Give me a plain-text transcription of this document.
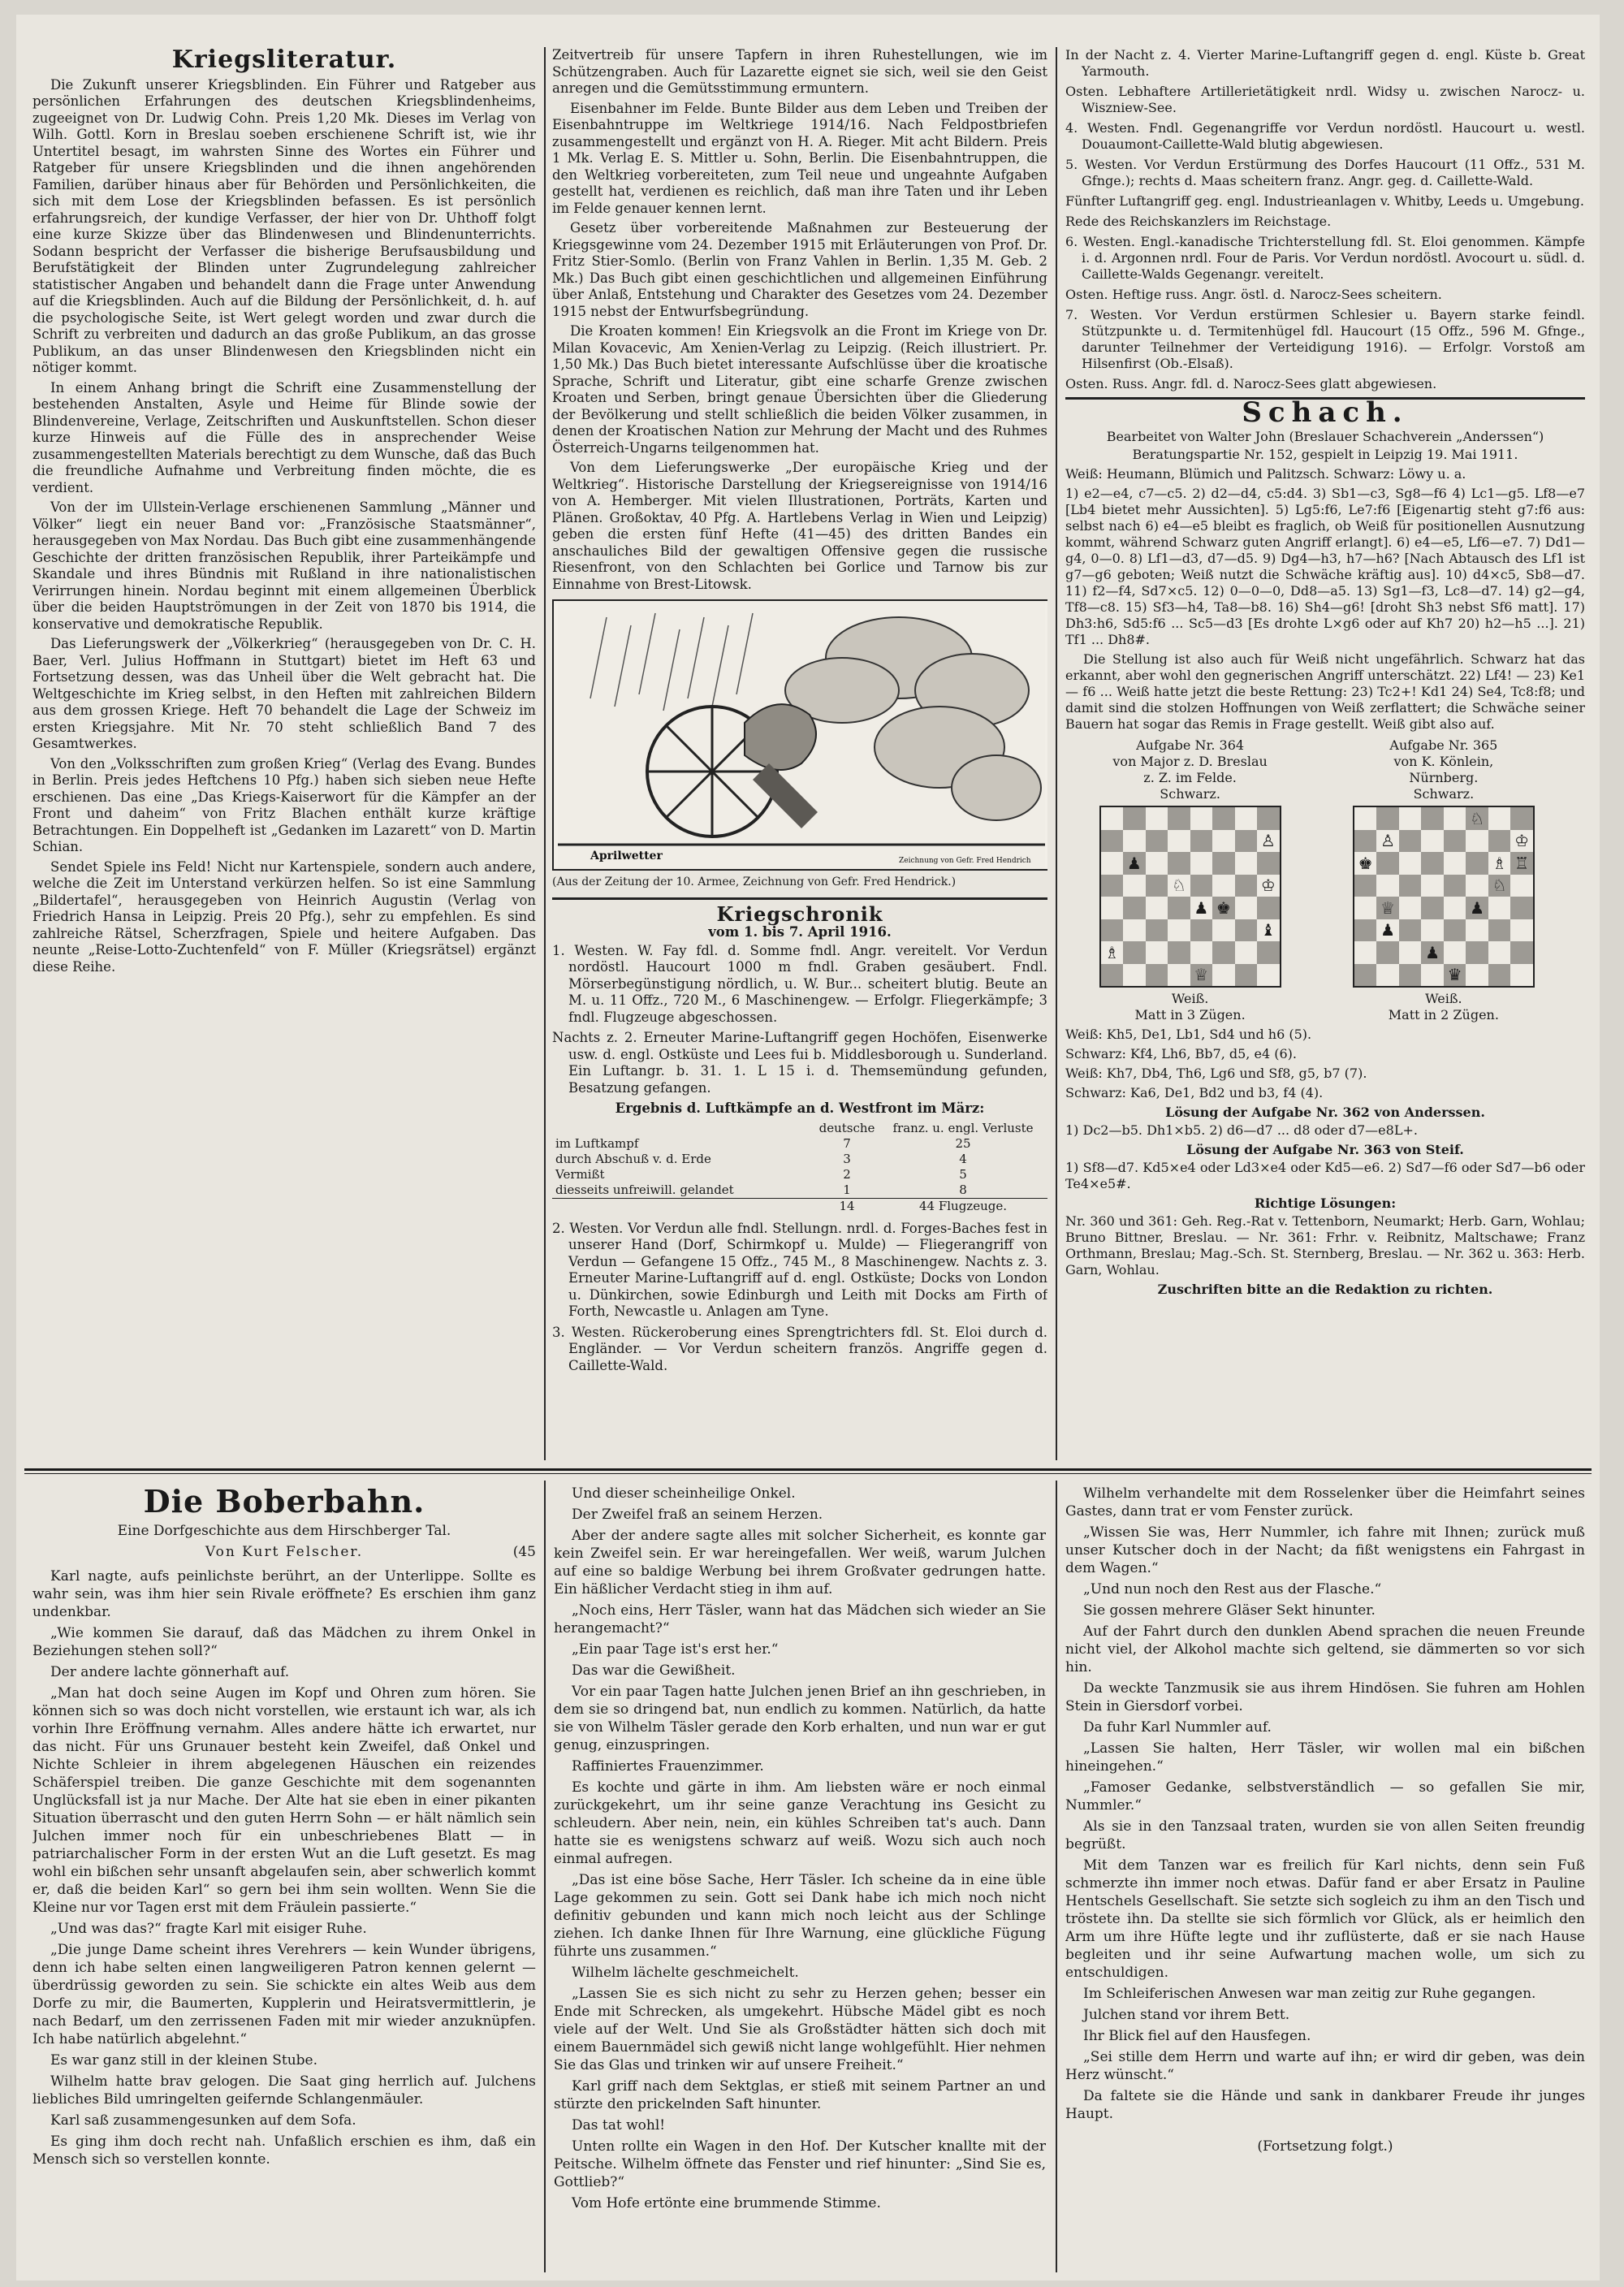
Kriegsliteratur.

Die Zukunft unserer Kriegsblinden. Ein Führer und Ratgeber aus persönlichen Erfahrungen des deutschen Kriegsblindenheims, zugeeignet von Dr. Ludwig Cohn. Preis 1,20 Mk. Dieses im Verlag von Wilh. Gottl. Korn in Breslau soeben erschienene Schrift ist, wie ihr Untertitel besagt, im wahrsten Sinne des Wortes ein Führer und Ratgeber für unsere Kriegsblinden und die ihnen angehörenden Familien, darüber hinaus aber für Behörden und Persönlichkeiten, die sich mit dem Lose der Kriegsblinden befassen. Es ist persönlich erfahrungsreich, der kundige Verfasser, der hier von Dr. Uhthoff folgt eine kurze Skizze über das Blindenwesen und Blindenunterrichts. Sodann bespricht der Verfasser die bisherige Berufsausbildung und Berufstätigkeit der Blinden unter Zugrundelegung zahlreicher statistischer Angaben und behandelt dann die Frage unter Anwendung auf die Kriegsblinden. Auch auf die Bildung der Persönlichkeit, d. h. auf die psychologische Seite, ist Wert gelegt worden und zwar durch die Schrift zu verbreiten und dadurch an das große Publikum, an das grosse Publikum, an das unser Blindenwesen den Kriegsblinden nicht ein nötiger kommt.

In einem Anhang bringt die Schrift eine Zusammenstellung der bestehenden Anstalten, Asyle und Heime für Blinde sowie der Blindenvereine, Verlage, Zeitschriften und Auskunftstellen. Schon dieser kurze Hinweis auf die Fülle des in ansprechender Weise zusammengestellten Materials berechtigt zu dem Wunsche, daß das Buch die freundliche Aufnahme und Verbreitung finden möchte, die es verdient.

Von der im Ullstein-Verlage erschienenen Sammlung „Männer und Völker“ liegt ein neuer Band vor: „Französische Staatsmänner“, herausgegeben von Max Nordau. Das Buch gibt eine zusammenhängende Geschichte der dritten französischen Republik, ihrer Parteikämpfe und Skandale und ihres Bündnis mit Rußland in ihre nationalistischen Verirrungen hinein. Nordau beginnt mit einem allgemeinen Überblick über die beiden Hauptströmungen in der Zeit von 1870 bis 1914, die konservative und demokratische Republik.

Das Lieferungswerk der „Völkerkrieg“ (herausgegeben von Dr. C. H. Baer, Verl. Julius Hoffmann in Stuttgart) bietet im Heft 63 und Fortsetzung dessen, was das Unheil über die Welt gebracht hat. Die Weltgeschichte im Krieg selbst, in den Heften mit zahlreichen Bildern aus dem grossen Kriege. Heft 70 behandelt die Lage der Schweiz im ersten Kriegsjahre. Mit Nr. 70 steht schließlich Band 7 des Gesamtwerkes.

Von den „Volksschriften zum großen Krieg“ (Verlag des Evang. Bundes in Berlin. Preis jedes Heftchens 10 Pfg.) haben sich sieben neue Hefte erschienen. Das eine „Das Kriegs-Kaiserwort für die Kämpfer an der Front und daheim“ von Fritz Blachen enthält kurze kräftige Betrachtungen. Ein Doppelheft ist „Gedanken im Lazarett“ von D. Martin Schian.

Sendet Spiele ins Feld! Nicht nur Kartenspiele, sondern auch andere, welche die Zeit im Unterstand verkürzen helfen. So ist eine Sammlung „Bildertafel“, herausgegeben von Heinrich Augustin (Verlag von Friedrich Hansa in Leipzig. Preis 20 Pfg.), sehr zu empfehlen. Es sind zahlreiche Rätsel, Scherzfragen, Spiele und heitere Aufgaben. Das neunte „Reise-Lotto-Zuchtenfeld“ von F. Müller (Kriegsrätsel) ergänzt diese Reihe.

Zeitvertreib für unsere Tapfern in ihren Ruhestellungen, wie im Schützengraben. Auch für Lazarette eignet sie sich, weil sie den Geist anregen und die Gemütsstimmung ermuntern.

Eisenbahner im Felde. Bunte Bilder aus dem Leben und Treiben der Eisenbahntruppe im Weltkriege 1914/16. Nach Feldpostbriefen zusammengestellt und ergänzt von H. A. Rieger. Mit acht Bildern. Preis 1 Mk. Verlag E. S. Mittler u. Sohn, Berlin. Die Eisenbahntruppen, die den Weltkrieg vorbereiteten, zum Teil neue und ungeahnte Aufgaben gestellt hat, verdienen es reichlich, daß man ihre Taten und ihr Leben im Felde genauer kennen lernt.

Gesetz über vorbereitende Maßnahmen zur Besteuerung der Kriegsgewinne vom 24. Dezember 1915 mit Erläuterungen von Prof. Dr. Fritz Stier-Somlo. (Berlin von Franz Vahlen in Berlin. 1,35 M. Geb. 2 Mk.) Das Buch gibt einen geschichtlichen und allgemeinen Einführung über Anlaß, Entstehung und Charakter des Gesetzes vom 24. Dezember 1915 nebst der Entwurfsbegründung.

Die Kroaten kommen! Ein Kriegsvolk an die Front im Kriege von Dr. Milan Kovacevic, Am Xenien-Verlag zu Leipzig. (Reich illustriert. Pr. 1,50 Mk.) Das Buch bietet interessante Aufschlüsse über die kroatische Sprache, Schrift und Literatur, gibt eine scharfe Grenze zwischen Kroaten und Serben, bringt genaue Übersichten über die Gliederung der Bevölkerung und stellt schließlich die beiden Völker zusammen, in denen der Kroatischen Nation zur Mehrung der Macht und des Ruhmes Österreich-Ungarns teilgenommen hat.

Von dem Lieferungswerke „Der europäische Krieg und der Weltkrieg“. Historische Darstellung der Kriegsereignisse von 1914/16 von A. Hemberger. Mit vielen Illustrationen, Porträts, Karten und Plänen. Großoktav, 40 Pfg. A. Hartlebens Verlag in Wien und Leipzig) geben die ersten fünf Hefte (41—45) des dritten Bandes ein anschauliches Bild der gewaltigen Offensive gegen die russische Riesenfront, von den Schlachten bei Gorlice und Tarnow bis zur Einnahme von Brest-Litowsk.

Aprilwetter	Zeichnung von Gefr. Fred Hendrich

(Aus der Zeitung der 10. Armee, Zeichnung von Gefr. Fred Hendrick.)

Kriegschronik
vom 1. bis 7. April 1916.
1. Westen. W. Fay fdl. d. Somme fndl. Angr. vereitelt. Vor Verdun nordöstl. Haucourt 1000 m fndl. Graben gesäubert. Fndl. Mörserbegünstigung nördlich, u. W. Bur... scheitert blutig. Beute an M. u. 11 Offz., 720 M., 6 Maschinengew. — Erfolgr. Fliegerkämpfe; 3 fndl. Flugzeuge abgeschossen.
Nachts z. 2. Erneuter Marine-Luftangriff gegen Hochöfen, Eisenwerke usw. d. engl. Ostküste und Lees fui b. Middlesborough u. Sunderland. Ein Luftangr. b. 31. 1. L 15 i. d. Themsemündung gefunden, Besatzung gefangen.
Ergebnis d. Luftkämpfe an d. Westfront im März:
	deutsche	franz. u. engl. Verluste
im Luftkampf	7	25
durch Abschuß v. d. Erde	3	4
Vermißt	2	5
diesseits unfreiwill. gelandet	1	8
	14	44 Flugzeuge.
2. Westen. Vor Verdun alle fndl. Stellungn. nrdl. d. Forges-Baches fest in unserer Hand (Dorf, Schirmkopf u. Mulde) — Fliegerangriff von Verdun — Gefangene 15 Offz., 745 M., 8 Maschinengew. Nachts z. 3. Erneuter Marine-Luftangriff auf d. engl. Ostküste; Docks von London u. Dünkirchen, sowie Edinburgh und Leith mit Docks am Firth of Forth, Newcastle u. Anlagen am Tyne.
3. Westen. Rückeroberung eines Sprengtrichters fdl. St. Eloi durch d. Engländer. — Vor Verdun scheitern französ. Angriffe gegen d. Caillette-Wald.
In der Nacht z. 4. Vierter Marine-Luftangriff gegen d. engl. Küste b. Great Yarmouth.
Osten. Lebhaftere Artillerietätigkeit nrdl. Widsy u. zwischen Narocz- u. Wiszniew-See.
4. Westen. Fndl. Gegenangriffe vor Verdun nordöstl. Haucourt u. westl. Douaumont-Caillette-Wald blutig abgewiesen.
5. Westen. Vor Verdun Erstürmung des Dorfes Haucourt (11 Offz., 531 M. Gfnge.); rechts d. Maas scheitern franz. Angr. geg. d. Caillette-Wald.
Fünfter Luftangriff geg. engl. Industrieanlagen v. Whitby, Leeds u. Umgebung.
Rede des Reichskanzlers im Reichstage.
6. Westen. Engl.-kanadische Trichterstellung fdl. St. Eloi genommen. Kämpfe i. d. Argonnen nrdl. Four de Paris. Vor Verdun nordöstl. Avocourt u. südl. d. Caillette-Walds Gegenangr. vereitelt.
Osten. Heftige russ. Angr. östl. d. Narocz-Sees scheitern.
7. Westen. Vor Verdun erstürmen Schlesier u. Bayern starke feindl. Stützpunkte u. d. Termitenhügel fdl. Haucourt (15 Offz., 596 M. Gfnge., darunter Teilnehmer der Verteidigung 1916). — Erfolgr. Vorstoß am Hilsenfirst (Ob.-Elsaß).
Osten. Russ. Angr. fdl. d. Narocz-Sees glatt abgewiesen.
Schach.
Bearbeitet von Walter John (Breslauer Schachverein „Anderssen“)

Beratungspartie Nr. 152, gespielt in Leipzig 19. Mai 1911.

Weiß: Heumann, Blümich und Palitzsch. Schwarz: Löwy u. a.

1) e2—e4, c7—c5. 2) d2—d4, c5:d4. 3) Sb1—c3, Sg8—f6 4) Lc1—g5. Lf8—e7 [Lb4 bietet mehr Aussichten]. 5) Lg5:f6, Le7:f6 [Eigenartig steht g7:f6 aus: selbst nach 6) e4—e5 bleibt es fraglich, ob Weiß für positionellen Ausnutzung kommt, während Schwarz guten Angriff erlangt]. 6) e4—e5, Lf6—e7. 7) Dd1—g4, 0—0. 8) Lf1—d3, d7—d5. 9) Dg4—h3, h7—h6? [Nach Abtausch des Lf1 ist g7—g6 geboten; Weiß nutzt die Schwäche kräftig aus]. 10) d4×c5, Sb8—d7. 11) f2—f4, Sd7×c5. 12) 0—0—0, Dd8—a5. 13) Sg1—f3, Lc8—d7. 14) g2—g4, Tf8—c8. 15) Sf3—h4, Ta8—b8. 16) Sh4—g6! [droht Sh3 nebst Sf6 matt]. 17) Dh3:h6, Sd5:f6 ... Sc5—d3 [Es drohte L×g6 oder auf Kh7 20) h2—h5 ...]. 21) Tf1 ... Dh8#.

Die Stellung ist also auch für Weiß nicht ungefährlich. Schwarz hat das erkannt, aber wohl den gegnerischen Angriff unterschätzt. 22) Lf4! — 23) Ke1 — f6 ... Weiß hatte jetzt die beste Rettung: 23) Tc2+! Kd1 24) Se4, Tc8:f8; und damit sind die stolzen Hoffnungen von Weiß zerflattert; die Schwäche seiner Bauern hat sogar das Remis in Frage gestellt. Weiß gibt also auf.

Aufgabe Nr. 364
von Major z. D. Breslau
z. Z. im Felde.
Schwarz.
♙
♟
♘	♔
♟ ♚
♝
♗
♕
Weiß.
Matt in 3 Zügen.

Aufgabe Nr. 365
von K. Könlein,
Nürnberg.
Schwarz.
♘
♙	♔
♚	♗ ♖
♘
♕	♟
♟
♟
♛
Weiß.
Matt in 2 Zügen.

Weiß: Kh5, De1, Lb1, Sd4 und h6 (5).

Schwarz: Kf4, Lh6, Bb7, d5, e4 (6).

Weiß: Kh7, Db4, Th6, Lg6 und Sf8, g5, b7 (7).

Schwarz: Ka6, De1, Bd2 und b3, f4 (4).

Lösung der Aufgabe Nr. 362 von Anderssen.

1) Dc2—b5. Dh1×b5. 2) d6—d7 ... d8 oder d7—e8L+.

Lösung der Aufgabe Nr. 363 von Steif.

1) Sf8—d7. Kd5×e4 oder Ld3×e4 oder Kd5—e6. 2) Sd7—f6 oder Sd7—b6 oder Te4×e5#.

Richtige Lösungen:

Nr. 360 und 361: Geh. Reg.-Rat v. Tettenborn, Neumarkt; Herb. Garn, Wohlau; Bruno Bittner, Breslau. — Nr. 361: Frhr. v. Reibnitz, Maltschawe; Franz Orthmann, Breslau; Mag.-Sch. St. Sternberg, Breslau. — Nr. 362 u. 363: Herb. Garn, Wohlau.

Zuschriften bitte an die Redaktion zu richten.
Die Boberbahn.
Eine Dorfgeschichte aus dem Hirschberger Tal.
Von Kurt Felscher.	(45

Karl nagte, aufs peinlichste berührt, an der Unterlippe. Sollte es wahr sein, was ihm hier sein Rivale eröffnete? Es erschien ihm ganz undenkbar.

„Wie kommen Sie darauf, daß das Mädchen zu ihrem Onkel in Beziehungen stehen soll?“

Der andere lachte gönnerhaft auf.

„Man hat doch seine Augen im Kopf und Ohren zum hören. Sie können sich so was doch nicht vorstellen, wie erstaunt ich war, als ich vorhin Ihre Eröffnung vernahm. Alles andere hätte ich erwartet, nur das nicht. Für uns Grunauer besteht kein Zweifel, daß Onkel und Nichte Schleier in ihrem abgelegenen Häuschen ein reizendes Schäferspiel treiben. Die ganze Geschichte mit dem sogenannten Unglücksfall ist ja nur Mache. Der Alte hat sie eben in einer pikanten Situation überrascht und den guten Herrn Sohn — er hält nämlich sein Julchen immer noch für ein unbeschriebenes Blatt — in patriarchalischer Form in der ersten Wut an die Luft gesetzt. Es mag wohl ein bißchen sehr unsanft abgelaufen sein, aber schwerlich kommt er, daß die beiden Karl“ so gern bei ihm sein wollten. Wenn Sie die Kleine nur vor Tagen erst mit dem Fräulein passierte.“

„Und was das?“ fragte Karl mit eisiger Ruhe.

„Die junge Dame scheint ihres Verehrers — kein Wunder übrigens, denn ich habe selten einen langweiligeren Patron kennen gelernt — überdrüssig geworden zu sein. Sie schickte ein altes Weib aus dem Dorfe zu mir, die Baumerten, Kupplerin und Heiratsvermittlerin, je nach Bedarf, um den zerrissenen Faden mit mir wieder anzuknüpfen. Ich habe natürlich abgelehnt.“

Es war ganz still in der kleinen Stube.

Wilhelm hatte brav gelogen. Die Saat ging herrlich auf. Julchens liebliches Bild umringelten geifernde Schlangenmäuler.

Karl saß zusammengesunken auf dem Sofa.

Es ging ihm doch recht nah. Unfaßlich erschien es ihm, daß ein Mensch sich so verstellen konnte.

Und dieser scheinheilige Onkel.

Der Zweifel fraß an seinem Herzen.

Aber der andere sagte alles mit solcher Sicherheit, es konnte gar kein Zweifel sein. Er war hereingefallen. Wer weiß, warum Julchen auf eine so baldige Werbung bei ihrem Großvater gedrungen hatte. Ein häßlicher Verdacht stieg in ihm auf.

„Noch eins, Herr Täsler, wann hat das Mädchen sich wieder an Sie herangemacht?“

„Ein paar Tage ist's erst her.“

Das war die Gewißheit.

Vor ein paar Tagen hatte Julchen jenen Brief an ihn geschrieben, in dem sie so dringend bat, nun endlich zu kommen. Natürlich, da hatte sie von Wilhelm Täsler gerade den Korb erhalten, und nun war er gut genug, einzuspringen.

Raffiniertes Frauenzimmer.

Es kochte und gärte in ihm. Am liebsten wäre er noch einmal zurückgekehrt, um ihr seine ganze Verachtung ins Gesicht zu schleudern. Aber nein, nein, ein kühles Schreiben tat's auch. Dann hatte sie es wenigstens schwarz auf weiß. Wozu sich auch noch einmal aufregen.

„Das ist eine böse Sache, Herr Täsler. Ich scheine da in eine üble Lage gekommen zu sein. Gott sei Dank habe ich mich noch nicht definitiv gebunden und kann mich noch leicht aus der Schlinge ziehen. Ich danke Ihnen für Ihre Warnung, eine glückliche Fügung führte uns zusammen.“

Wilhelm lächelte geschmeichelt.

„Lassen Sie es sich nicht zu sehr zu Herzen gehen; besser ein Ende mit Schrecken, als umgekehrt. Hübsche Mädel gibt es noch viele auf der Welt. Und Sie als Großstädter hätten sich doch mit einem Bauernmädel sich gewiß nicht lange wohlgefühlt. Hier nehmen Sie das Glas und trinken wir auf unsere Freiheit.“

Karl griff nach dem Sektglas, er stieß mit seinem Partner an und stürzte den prickelnden Saft hinunter.

Das tat wohl!

Unten rollte ein Wagen in den Hof. Der Kutscher knallte mit der Peitsche. Wilhelm öffnete das Fenster und rief hinunter: „Sind Sie es, Gottlieb?“

Vom Hofe ertönte eine brummende Stimme.

Wilhelm verhandelte mit dem Rosselenker über die Heimfahrt seines Gastes, dann trat er vom Fenster zurück.

„Wissen Sie was, Herr Nummler, ich fahre mit Ihnen; zurück muß unser Kutscher doch in der Nacht; da fißt wenigstens ein Fahrgast in dem Wagen.“

„Und nun noch den Rest aus der Flasche.“

Sie gossen mehrere Gläser Sekt hinunter.

Auf der Fahrt durch den dunklen Abend sprachen die neuen Freunde nicht viel, der Alkohol machte sich geltend, sie dämmerten so vor sich hin.

Da weckte Tanzmusik sie aus ihrem Hindösen. Sie fuhren am Hohlen Stein in Giersdorf vorbei.

Da fuhr Karl Nummler auf.

„Lassen Sie halten, Herr Täsler, wir wollen mal ein bißchen hineingehen.“

„Famoser Gedanke, selbstverständlich — so gefallen Sie mir, Nummler.“

Als sie in den Tanzsaal traten, wurden sie von allen Seiten freundig begrüßt.

Mit dem Tanzen war es freilich für Karl nichts, denn sein Fuß schmerzte ihn immer noch etwas. Dafür fand er aber Ersatz in Pauline Hentschels Gesellschaft. Sie setzte sich sogleich zu ihm an den Tisch und tröstete ihn. Da stellte sie sich förmlich vor Glück, als er heimlich den Arm um ihre Hüfte legte und ihr zuflüsterte, daß er sie nach Hause begleiten und ihr seine Aufwartung machen wolle, um sich zu entschuldigen.

Im Schleiferischen Anwesen war man zeitig zur Ruhe gegangen.

Julchen stand vor ihrem Bett.

Ihr Blick fiel auf den Hausfegen.

„Sei stille dem Herrn und warte auf ihn; er wird dir geben, was dein Herz wünscht.“

Da faltete sie die Hände und sank in dankbarer Freude ihr junges Haupt.

(Fortsetzung folgt.)
